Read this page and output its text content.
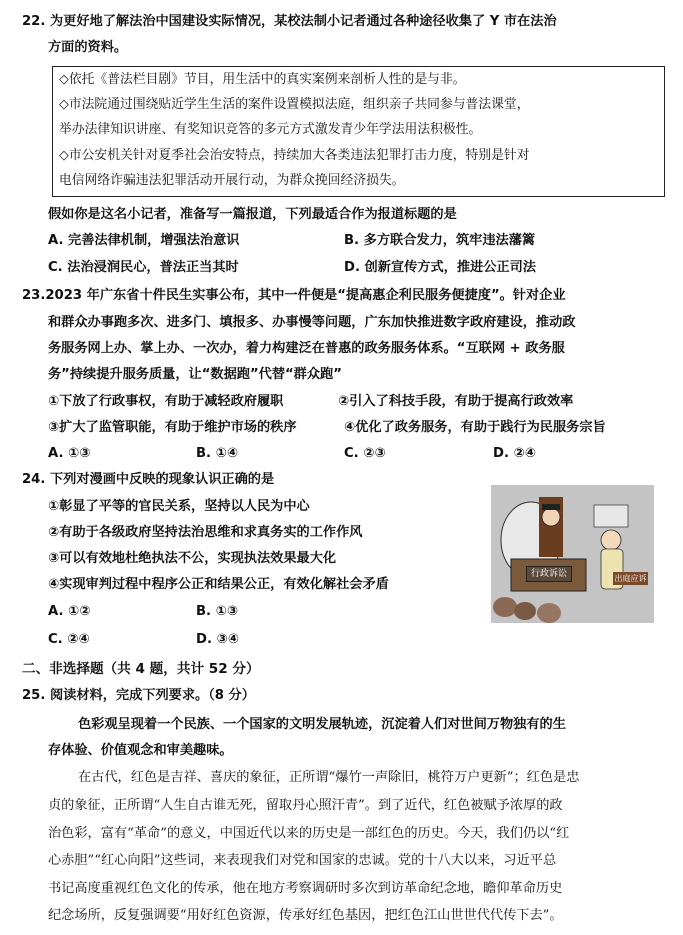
22. 为更好地了解法治中国建设实际情况，某校法制小记者通过各种途径收集了 Y 市在法治
方面的资料。
◇依托《普法栏目剧》节目，用生活中的真实案例来剖析人性的是与非。
◇市法院通过围绕贴近学生生活的案件设置模拟法庭，组织亲子共同参与普法课堂，
举办法律知识讲座、有奖知识竞答的多元方式激发青少年学法用法积极性。
◇市公安机关针对夏季社会治安特点，持续加大各类违法犯罪打击力度，特别是针对
电信网络诈骗违法犯罪活动开展行动，为群众挽回经济损失。
假如你是这名小记者，准备写一篇报道，下列最适合作为报道标题的是
A. 完善法律机制，增强法治意识	B. 多方联合发力，筑牢违法藩篱
C. 法治浸润民心，普法正当其时	D. 创新宣传方式，推进公正司法
23.2023 年广东省十件民生实事公布，其中一件便是“提高惠企利民服务便捷度”。针对企业
和群众办事跑多次、进多门、填报多、办事慢等问题，广东加快推进数字政府建设，推动政
务服务网上办、掌上办、一次办，着力构建泛在普惠的政务服务体系。“互联网 + 政务服
务”持续提升服务质量，让“数据跑”代替“群众跑”
①下放了行政事权，有助于减轻政府履职	②引入了科技手段，有助于提高行政效率
③扩大了监管职能，有助于维护市场的秩序	④优化了政务服务，有助于践行为民服务宗旨
A. ①③	B. ①④	C. ②③	D. ②④
24. 下列对漫画中反映的现象认识正确的是
①彰显了平等的官民关系，坚持以人民为中心
②有助于各级政府坚持法治思维和求真务实的工作作风
③可以有效地杜绝执法不公，实现执法效果最大化
④实现审判过程中程序公正和结果公正，有效化解社会矛盾
A. ①②	B. ①③
C. ②④	D. ③④
行政诉讼	出庭应诉
二、非选择题（共 4 题，共计 52 分）
25. 阅读材料，完成下列要求。（8 分）
色彩观呈现着一个民族、一个国家的文明发展轨迹，沉淀着人们对世间万物独有的生
存体验、价值观念和审美趣味。
在古代，红色是吉祥、喜庆的象征，正所谓“爆竹一声除旧，桃符万户更新”；红色是忠
贞的象征，正所谓“人生自古谁无死，留取丹心照汗青”。到了近代，红色被赋予浓厚的政
治色彩，富有“革命”的意义，中国近代以来的历史是一部红色的历史。今天，我们仍以“红
心赤胆”“红心向阳”这些词，来表现我们对党和国家的忠诚。党的十八大以来，习近平总
书记高度重视红色文化的传承，他在地方考察调研时多次到访革命纪念地，瞻仰革命历史
纪念场所，反复强调要“用好红色资源，传承好红色基因，把红色江山世世代代传下去”。
